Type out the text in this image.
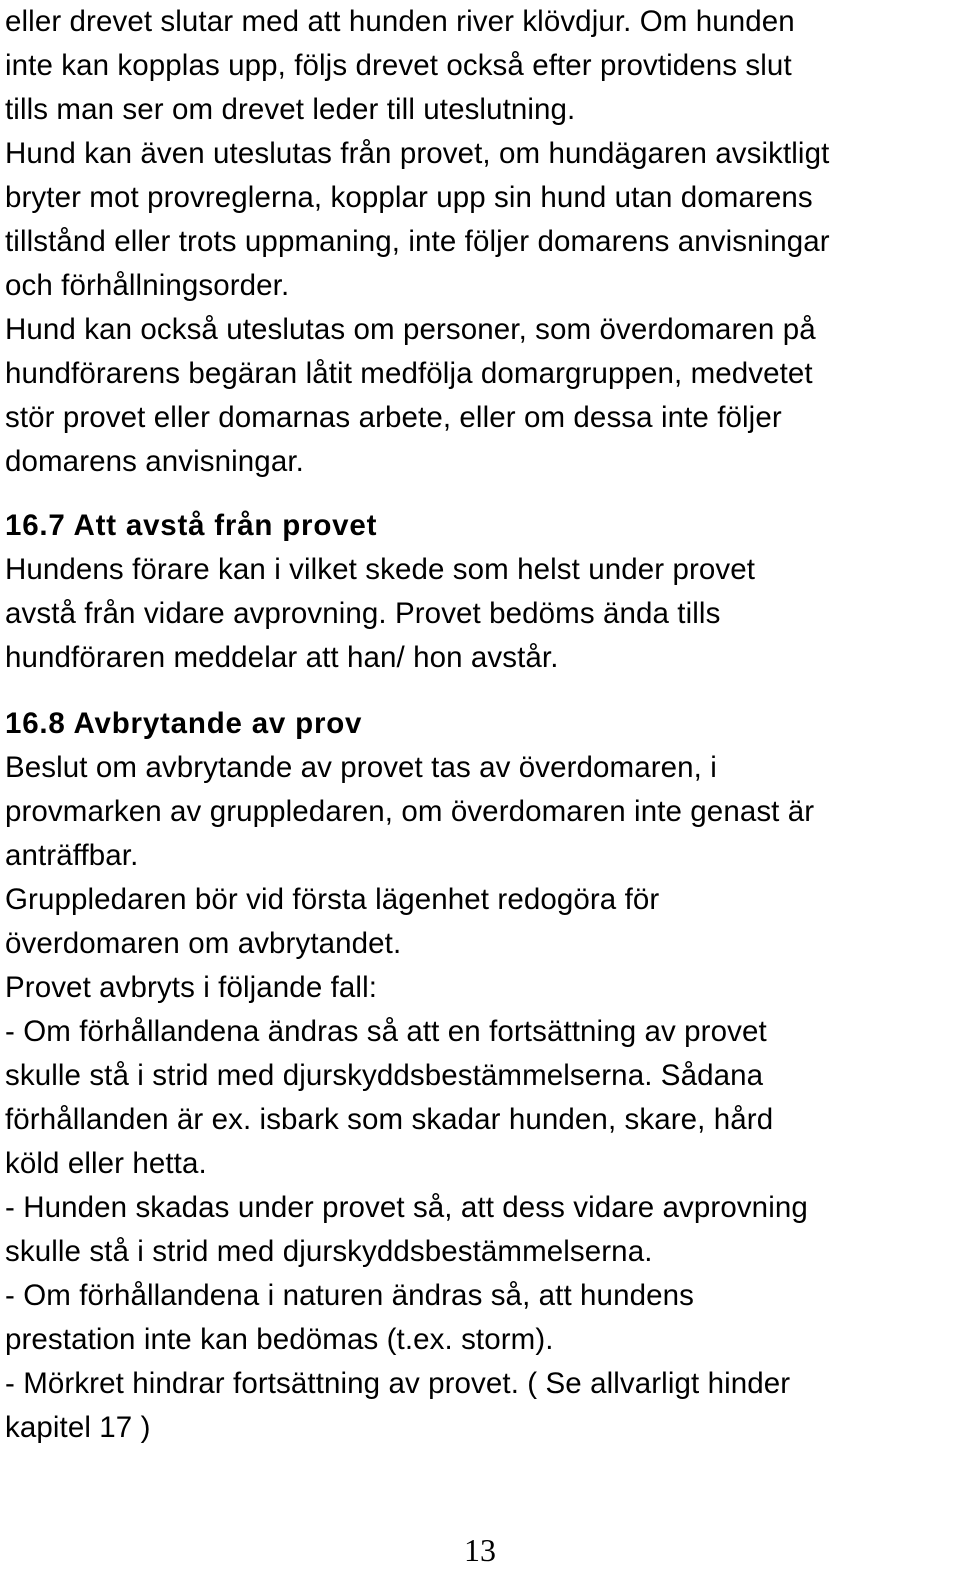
eller drevet slutar med att hunden river klövdjur. Om hunden
inte kan kopplas upp, följs drevet också efter provtidens slut
tills man ser om drevet leder till uteslutning.
Hund kan även uteslutas från provet, om hundägaren avsiktligt
bryter mot provreglerna, kopplar upp sin hund utan domarens
tillstånd eller trots uppmaning, inte följer domarens anvisningar
och förhållningsorder.
Hund kan också uteslutas om personer, som överdomaren på
hundförarens begäran låtit medfölja domargruppen, medvetet
stör provet eller domarnas arbete, eller om dessa inte följer
domarens anvisningar.
16.7 Att avstå från provet
Hundens förare kan i vilket skede som helst under provet
avstå från vidare avprovning. Provet bedöms ända tills
hundföraren meddelar att han/ hon avstår.
16.8 Avbrytande av prov
Beslut om avbrytande av provet tas av överdomaren, i
provmarken av gruppledaren, om överdomaren inte genast är
anträffbar.
Gruppledaren bör vid första lägenhet redogöra för
överdomaren om avbrytandet.
Provet avbryts i följande fall:
- Om förhållandena ändras så att en fortsättning av provet
skulle stå i strid med djurskyddsbestämmelserna. Sådana
förhållanden är ex. isbark som skadar hunden, skare, hård
köld eller hetta.
- Hunden skadas under provet så, att dess vidare avprovning
skulle stå i strid med djurskyddsbestämmelserna.
- Om förhållandena i naturen ändras så, att hundens
prestation inte kan bedömas (t.ex. storm).
- Mörkret hindrar fortsättning av provet. ( Se allvarligt hinder
kapitel 17 )
13
